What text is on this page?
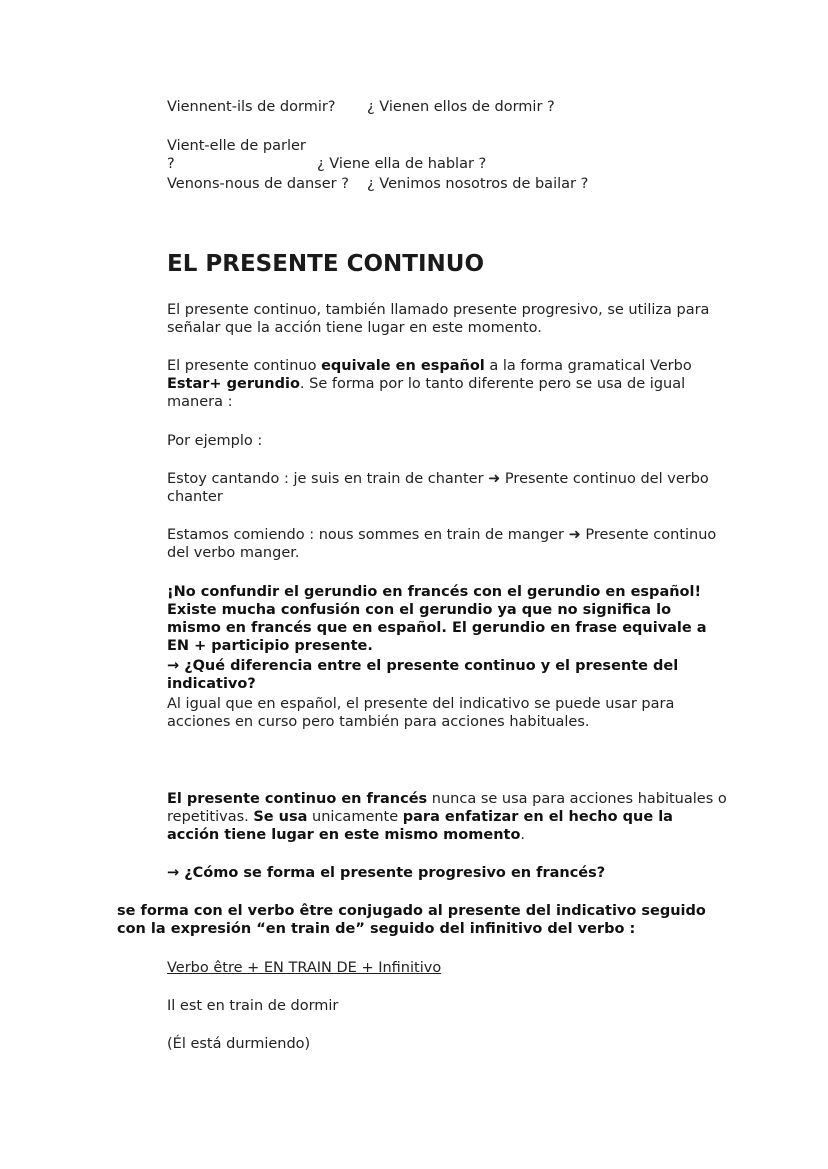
Viennent-ils de dormir? ¿ Vienen ellos de dormir ?
Vient-elle de parler ?	¿ Viene ella de hablar ?
Venons-nous de danser ? ¿ Venimos nosotros de bailar ?
EL PRESENTE CONTINUO

El presente continuo, también llamado presente progresivo, se utiliza para señalar que la acción tiene lugar en este momento.

El presente continuo equivale en español a la forma gramatical Verbo Estar+ gerundio. Se forma por lo tanto diferente pero se usa de igual manera :

Por ejemplo :

Estoy cantando : je suis en train de chanter ➜ Presente continuo del verbo chanter

Estamos comiendo : nous sommes en train de manger ➜ Presente continuo del verbo manger.

¡No confundir el gerundio en francés con el gerundio en español! Existe mucha confusión con el gerundio ya que no significa lo mismo en francés que en español. El gerundio en frase equivale a EN + participio presente.

→ ¿Qué diferencia entre el presente continuo y el presente del indicativo?

Al igual que en español, el presente del indicativo se puede usar para acciones en curso pero también para acciones habituales.

El presente continuo en francés nunca se usa para acciones habituales o repetitivas. Se usa unicamente para enfatizar en el hecho que la acción tiene lugar en este mismo momento.

→ ¿Cómo se forma el presente progresivo en francés?

se forma con el verbo être conjugado al presente del indicativo seguido con la expresión “en train de” seguido del infinitivo del verbo :

Verbo être + EN TRAIN DE + Infinitivo

Il est en train de dormir

(Él está durmiendo)
